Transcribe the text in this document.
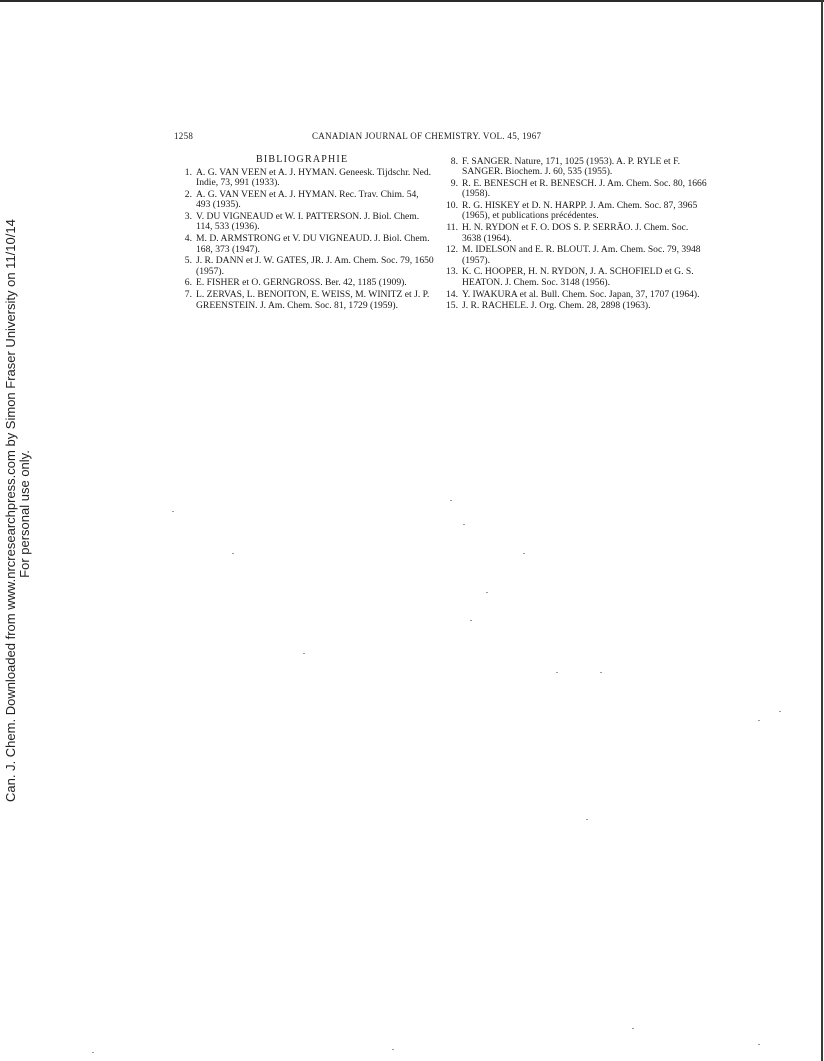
1258	CANADIAN JOURNAL OF CHEMISTRY. VOL. 45, 1967
BIBLIOGRAPHIE
1. A. G. VAN VEEN et A. J. HYMAN. Geneesk. Tijdschr. Ned. Indie, 73, 991 (1933).
2. A. G. VAN VEEN et A. J. HYMAN. Rec. Trav. Chim. 54, 493 (1935).
3. V. DU VIGNEAUD et W. I. PATTERSON. J. Biol. Chem. 114, 533 (1936).
4. M. D. ARMSTRONG et V. DU VIGNEAUD. J. Biol. Chem. 168, 373 (1947).
5. J. R. DANN et J. W. GATES, JR. J. Am. Chem. Soc. 79, 1650 (1957).
6. E. FISHER et O. GERNGROSS. Ber. 42, 1185 (1909).
7. L. ZERVAS, L. BENOITON, E. WEISS, M. WINITZ et J. P. GREENSTEIN. J. Am. Chem. Soc. 81, 1729 (1959).
8. F. SANGER. Nature, 171, 1025 (1953). A. P. RYLE et F. SANGER. Biochem. J. 60, 535 (1955).
9. R. E. BENESCH et R. BENESCH. J. Am. Chem. Soc. 80, 1666 (1958).
10. R. G. HISKEY et D. N. HARPP. J. Am. Chem. Soc. 87, 3965 (1965), et publications précédentes.
11. H. N. RYDON et F. O. DOS S. P. SERRÃO. J. Chem. Soc. 3638 (1964).
12. M. IDELSON and E. R. BLOUT. J. Am. Chem. Soc. 79, 3948 (1957).
13. K. C. HOOPER, H. N. RYDON, J. A. SCHOFIELD et G. S. HEATON. J. Chem. Soc. 3148 (1956).
14. Y. IWAKURA et al. Bull. Chem. Soc. Japan, 37, 1707 (1964).
15. J. R. RACHELE. J. Org. Chem. 28, 2898 (1963).
Can. J. Chem. Downloaded from www.nrcresearchpress.com by Simon Fraser University on 11/10/14 For personal use only.
